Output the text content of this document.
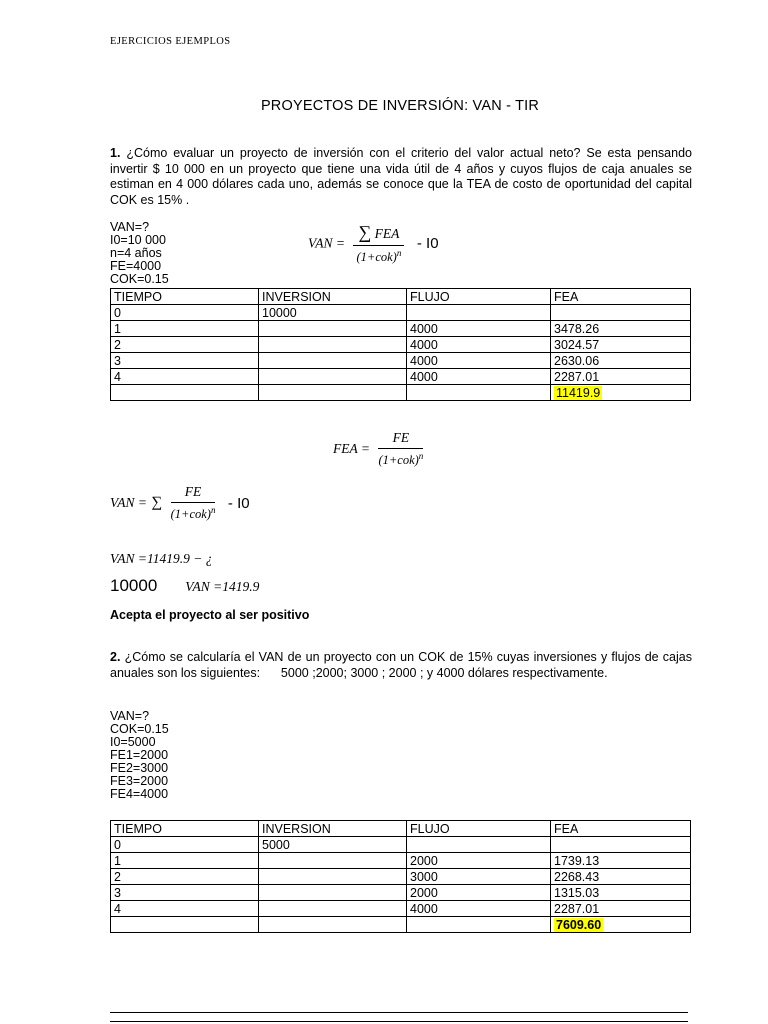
EJERCICIOS EJEMPLOS
PROYECTOS DE INVERSIÓN: VAN - TIR
1. ¿Cómo evaluar un proyecto de inversión con el criterio del valor actual neto? Se esta pensando invertir $ 10 000 en un proyecto que tiene una vida útil de 4 años y cuyos flujos de caja anuales se estiman en 4 000 dólares cada uno, además se conoce que la TEA de costo de oportunidad del capital COK es 15% .
VAN=?
I0=10 000
n=4 años
FE=4000
COK=0.15
VAN = $\frac{\text{∑ FEA}}{(1+cok)^n} - I0$
TIEMPO	INVERSION	FLUJO	FEA
0	10000		
1		4000	3478.26
2		4000	3024.57
3		4000	2630.06
4		4000	2287.01
			11419.9
FEA = $\frac{FE}{(1+cok)^n}$
VAN = ∑ $\frac{FE}{(1+cok)^n} - I0$
VAN =11419.9 − ¿
10000 VAN =1419.9
Acepta el proyecto al ser positivo
2. ¿Cómo se calcularía el VAN de un proyecto con un COK de 15% cuyas inversiones y flujos de cajas anuales son los siguientes:      5000 ;2000; 3000 ; 2000 ; y 4000 dólares respectivamente.
VAN=?
COK=0.15
I0=5000
FE1=2000
FE2=3000
FE3=2000
FE4=4000
TIEMPO	INVERSION	FLUJO	FEA
0	5000		
1		2000	1739.13
2		3000	2268.43
3		2000	1315.03
4		4000	2287.01
			7609.60
